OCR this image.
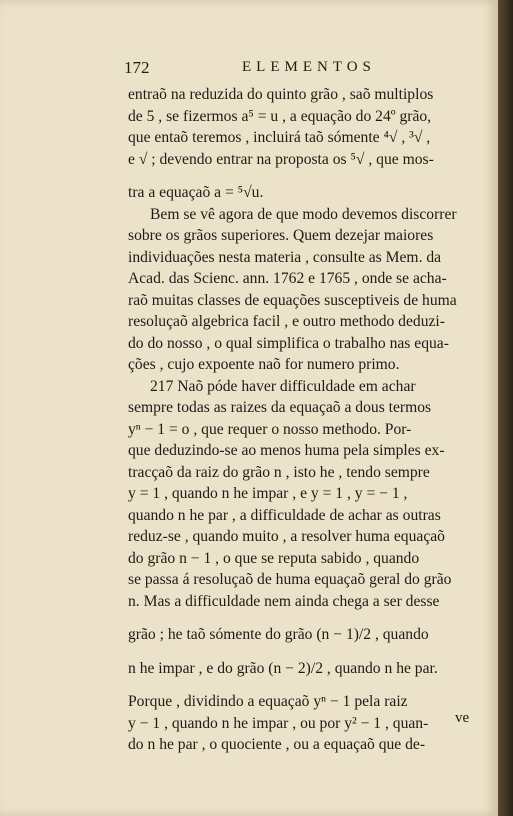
172	ELEMENTOS
entraõ na reduzida do quinto grão , saõ multiplos
de 5 , se fizermos a⁵ = u , a equação do 24º grão,
que entaõ teremos , incluirá taõ sómente ⁴√ , ³√ ,
e √ ; devendo entrar na proposta os ⁵√ , que mos-
tra a equaçaõ a = ⁵√u.
Bem se vê agora de que modo devemos discorrer
sobre os grãos superiores. Quem dezejar maiores
individuações nesta materia , consulte as Mem. da
Acad. das Scienc. ann. 1762 e 1765 , onde se acha-
raõ muitas classes de equações susceptiveis de huma
resoluçaõ algebrica facil , e outro methodo deduzi-
do do nosso , o qual simplifica o trabalho nas equa-
ções , cujo expoente naõ for numero primo.
217 Naõ póde haver difficuldade em achar
sempre todas as raizes da equaçaõ a dous termos
yⁿ − 1 = o , que requer o nosso methodo. Por-
que deduzindo-se ao menos huma pela simples ex-
tracçaõ da raiz do grão n , isto he , tendo sempre
y = 1 , quando n he impar , e y = 1 , y = − 1 ,
quando n he par , a difficuldade de achar as outras
reduz-se , quando muito , a resolver huma equaçaõ
do grão n − 1 , o que se reputa sabido , quando
se passa á resoluçaõ de huma equaçaõ geral do grão
n. Mas a difficuldade nem ainda chega a ser desse
grão ; he taõ sómente do grão (n − 1)/2 , quando
n he impar , e do grão (n − 2)/2 , quando n he par.
Porque , dividindo a equaçaõ yⁿ − 1 pela raiz
y − 1 , quando n he impar , ou por y² − 1 , quan-
do n he par , o quociente , ou a equaçaõ que de-
ve
